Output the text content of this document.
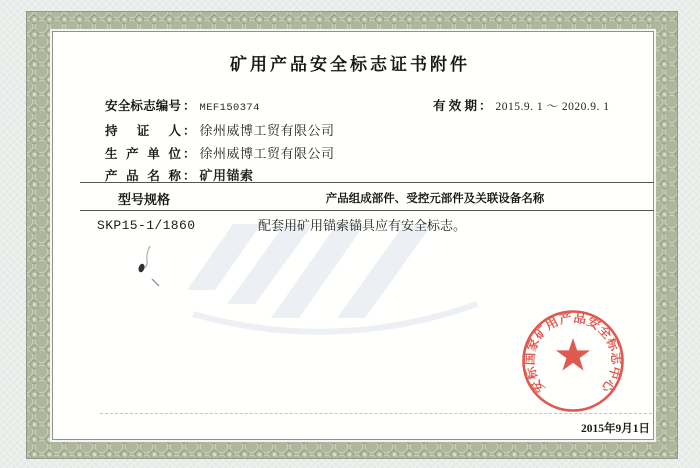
矿用产品安全标志证书附件
安全标志编号 ： MEF150374	有效期 ： 2015.9. 1 ～ 2020.9. 1
持证人 ： 徐州威博工贸有限公司
生产单位 ： 徐州威博工贸有限公司
产品名称 ： 矿用锚索
型号规格	产品组成部件、受控元部件及关联设备名称
SKP15-1/1860	配套用矿用锚索锚具应有安全标志。
安标国家矿用产品安全标志中心
2015年9月1日
